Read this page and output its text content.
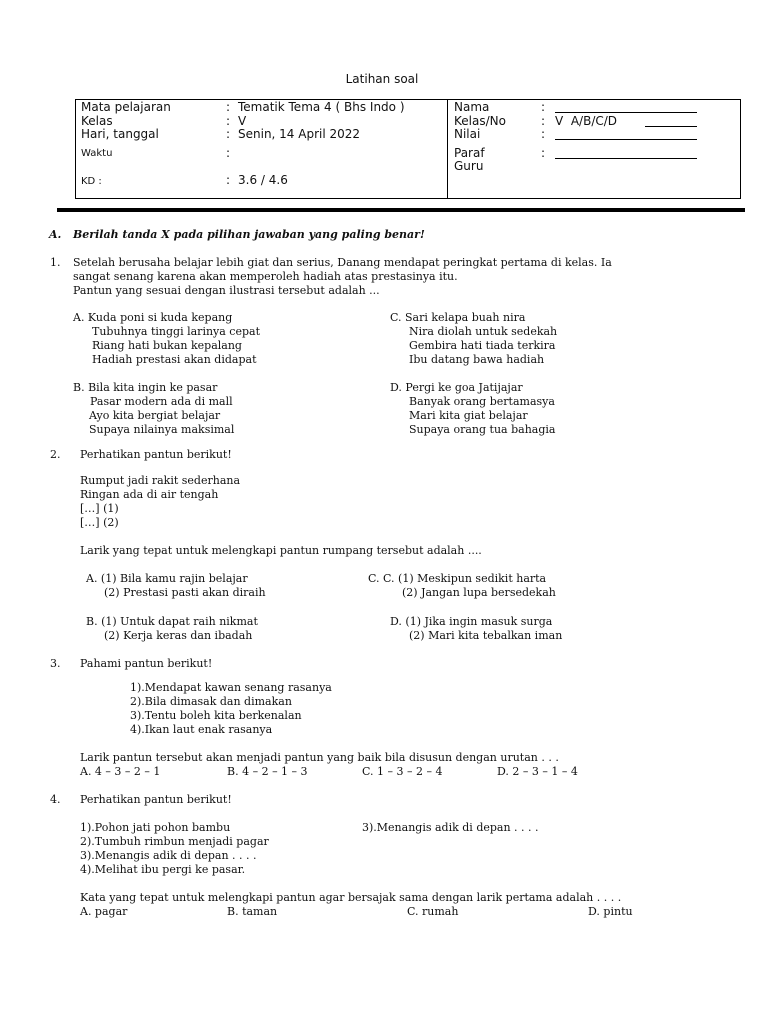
Latihan soal
Mata pelajaran	: Tematik Tema 4 ( Bhs Indo )
Kelas	: V
Hari, tanggal	: Senin, 14 April 2022
Waktu	:
KD :	: 3.6 / 4.6
Nama	:
Kelas/No	: V  A/B/C/D
Nilai	:
Paraf	:
Guru
A. Berilah tanda X pada pilihan jawaban yang paling benar!
1. Setelah berusaha belajar lebih giat dan serius, Danang mendapat peringkat pertama di kelas. Ia
sangat senang karena akan memperoleh hadiah atas prestasinya itu.
Pantun yang sesuai dengan ilustrasi tersebut adalah ...
A. Kuda poni si kuda kepang
Tubuhnya tinggi larinya cepat
Riang hati bukan kepalang
Hadiah prestasi akan didapat
C. Sari kelapa buah nira
Nira diolah untuk sedekah
Gembira hati tiada terkira
Ibu datang bawa hadiah
B. Bila kita ingin ke pasar
Pasar modern ada di mall
Ayo kita bergiat belajar
Supaya nilainya maksimal
D. Pergi ke goa Jatijajar
Banyak orang bertamasya
Mari kita giat belajar
Supaya orang tua bahagia
2. Perhatikan pantun berikut!
Rumput jadi rakit sederhana
Ringan ada di air tengah
[…] (1)
[…] (2)
Larik yang tepat untuk melengkapi pantun rumpang tersebut adalah ....
A. (1) Bila kamu rajin belajar
(2) Prestasi pasti akan diraih
C. C. (1) Meskipun sedikit harta
(2) Jangan lupa bersedekah
B. (1) Untuk dapat raih nikmat
(2) Kerja keras dan ibadah
D. (1) Jika ingin masuk surga
(2) Mari kita tebalkan iman
3. Pahami pantun berikut!
1).Mendapat kawan senang rasanya
2).Bila dimasak dan dimakan
3).Tentu boleh kita berkenalan
4).Ikan laut enak rasanya
Larik pantun tersebut akan menjadi pantun yang baik bila disusun dengan urutan . . .
A. 4 – 3 – 2 – 1	B. 4 – 2 – 1 – 3	C. 1 – 3 – 2 – 4	D. 2 – 3 – 1 – 4
4. Perhatikan pantun berikut!
1).Pohon jati pohon bambu	3).Menangis adik di depan . . . .
2).Tumbuh rimbun menjadi pagar
3).Menangis adik di depan . . . .
4).Melihat ibu pergi ke pasar.
Kata yang tepat untuk melengkapi pantun agar bersajak sama dengan larik pertama adalah . . . .
A. pagar	B. taman	C. rumah	D. pintu
